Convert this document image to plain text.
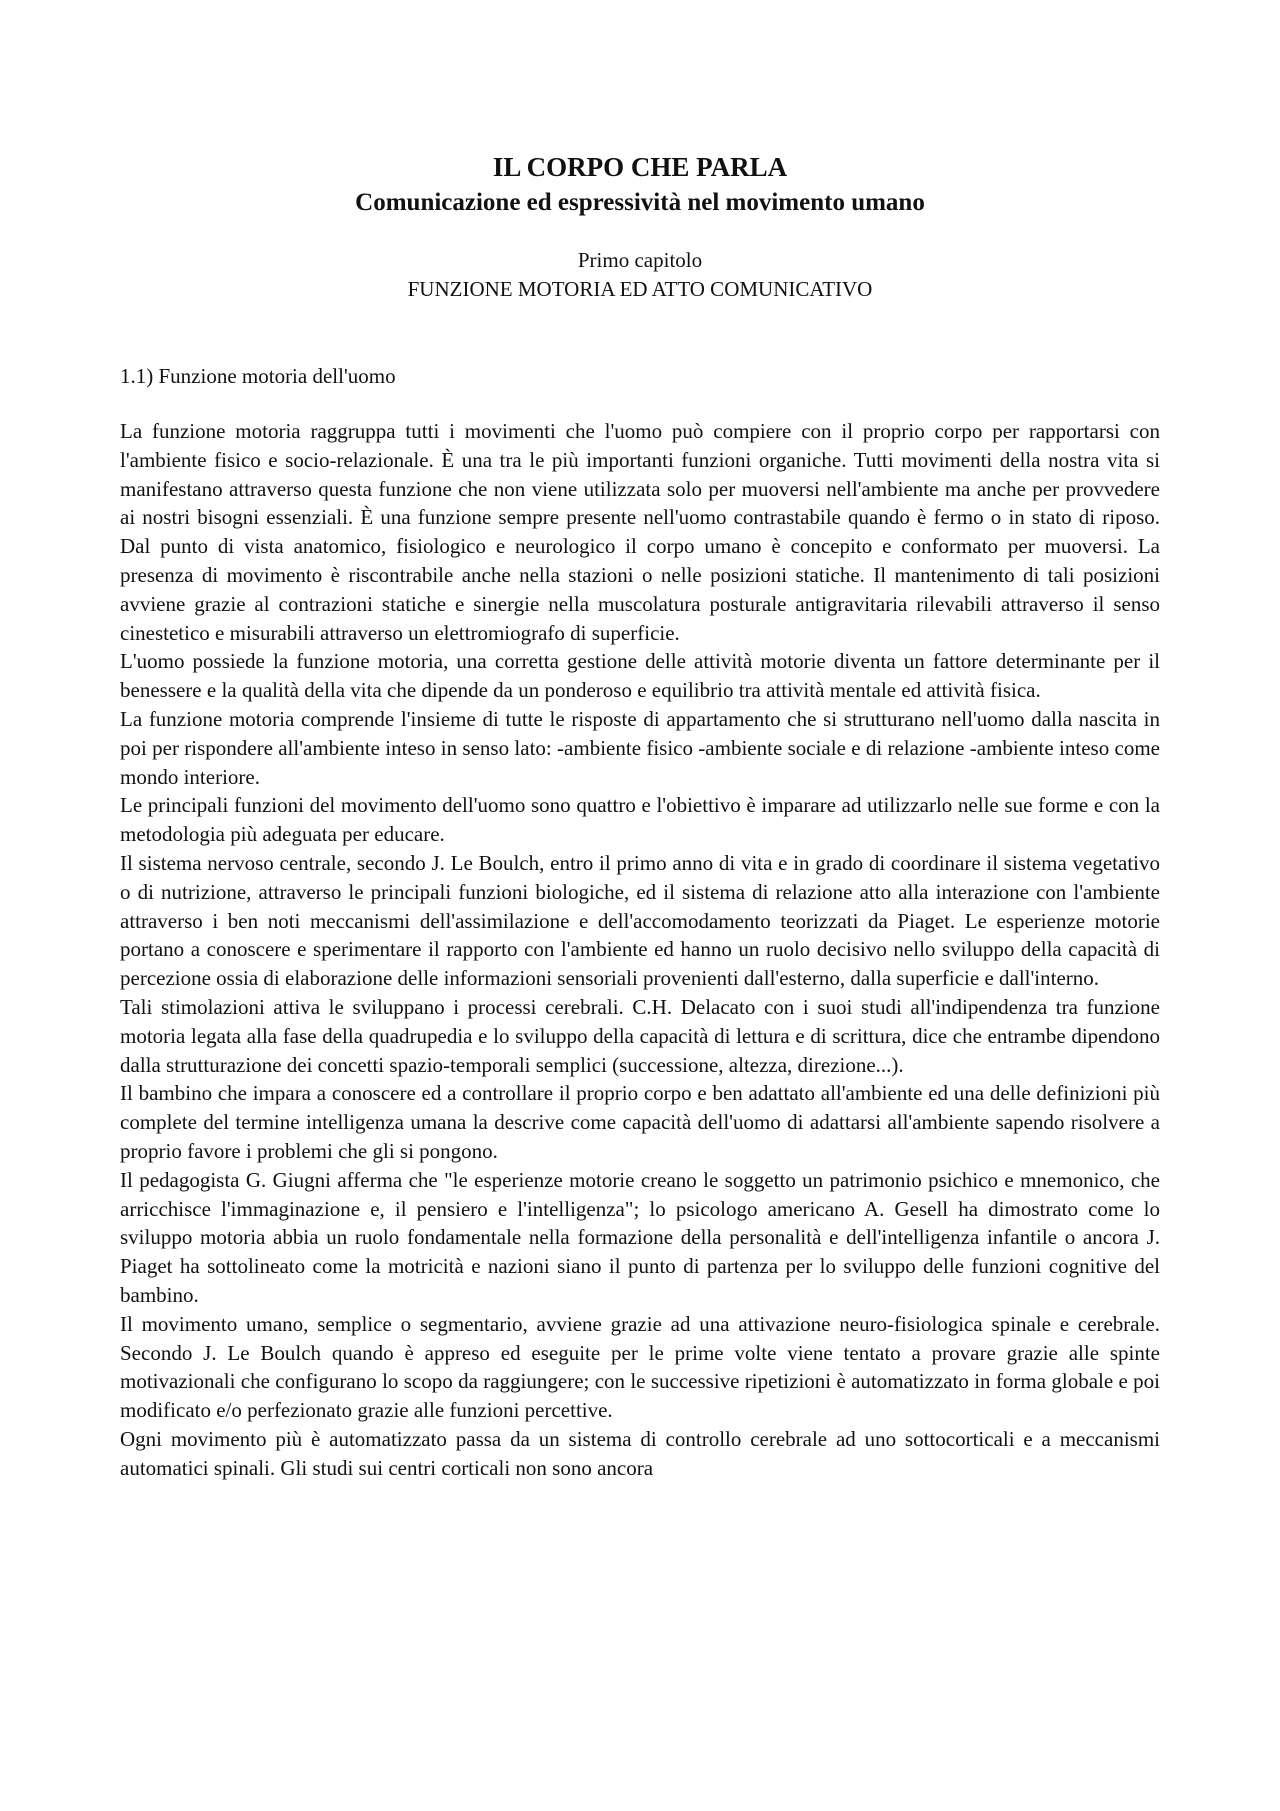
IL CORPO CHE PARLA
Comunicazione ed espressività nel movimento umano
Primo capitolo
FUNZIONE MOTORIA ED ATTO COMUNICATIVO
1.1) Funzione motoria dell'uomo

La funzione motoria raggruppa tutti i movimenti che l'uomo può compiere con il proprio corpo per rapportarsi con l'ambiente fisico e socio-relazionale. È una tra le più importanti funzioni organiche. Tutti movimenti della nostra vita si manifestano attraverso questa funzione che non viene utilizzata solo per muoversi nell'ambiente ma anche per provvedere ai nostri bisogni essenziali. È una funzione sempre presente nell'uomo contrastabile quando è fermo o in stato di riposo. Dal punto di vista anatomico, fisiologico e neurologico il corpo umano è concepito e conformato per muoversi. La presenza di movimento è riscontrabile anche nella stazioni o nelle posizioni statiche. Il mantenimento di tali posizioni avviene grazie al contrazioni statiche e sinergie nella muscolatura posturale antigravitaria rilevabili attraverso il senso cinestetico e misurabili attraverso un elettromiografo di superficie.

L'uomo possiede la funzione motoria, una corretta gestione delle attività motorie diventa un fattore determinante per il benessere e la qualità della vita che dipende da un ponderoso e equilibrio tra attività mentale ed attività fisica.

La funzione motoria comprende l'insieme di tutte le risposte di appartamento che si strutturano nell'uomo dalla nascita in poi per rispondere all'ambiente inteso in senso lato: -ambiente fisico -ambiente sociale e di relazione -ambiente inteso come mondo interiore.

Le principali funzioni del movimento dell'uomo sono quattro e l'obiettivo è imparare ad utilizzarlo nelle sue forme e con la metodologia più adeguata per educare.

Il sistema nervoso centrale, secondo J. Le Boulch, entro il primo anno di vita e in grado di coordinare il sistema vegetativo o di nutrizione, attraverso le principali funzioni biologiche, ed il sistema di relazione atto alla interazione con l'ambiente attraverso i ben noti meccanismi dell'assimilazione e dell'accomodamento teorizzati da Piaget. Le esperienze motorie portano a conoscere e sperimentare il rapporto con l'ambiente ed hanno un ruolo decisivo nello sviluppo della capacità di percezione ossia di elaborazione delle informazioni sensoriali provenienti dall'esterno, dalla superficie e dall'interno.

Tali stimolazioni attiva le sviluppano i processi cerebrali. C.H. Delacato con i suoi studi all'indipendenza tra funzione motoria legata alla fase della quadrupedia e lo sviluppo della capacità di lettura e di scrittura, dice che entrambe dipendono dalla strutturazione dei concetti spazio-temporali semplici (successione, altezza, direzione...).

Il bambino che impara a conoscere ed a controllare il proprio corpo e ben adattato all'ambiente ed una delle definizioni più complete del termine intelligenza umana la descrive come capacità dell'uomo di adattarsi all'ambiente sapendo risolvere a proprio favore i problemi che gli si pongono.

Il pedagogista G. Giugni afferma che "le esperienze motorie creano le soggetto un patrimonio psichico e mnemonico, che arricchisce l'immaginazione e, il pensiero e l'intelligenza"; lo psicologo americano A. Gesell ha dimostrato come lo sviluppo motoria abbia un ruolo fondamentale nella formazione della personalità e dell'intelligenza infantile o ancora J. Piaget ha sottolineato come la motricità e nazioni siano il punto di partenza per lo sviluppo delle funzioni cognitive del bambino.

Il movimento umano, semplice o segmentario, avviene grazie ad una attivazione neuro-fisiologica spinale e cerebrale. Secondo J. Le Boulch quando è appreso ed eseguite per le prime volte viene tentato a provare grazie alle spinte motivazionali che configurano lo scopo da raggiungere; con le successive ripetizioni è automatizzato in forma globale e poi modificato e/o perfezionato grazie alle funzioni percettive.

Ogni movimento più è automatizzato passa da un sistema di controllo cerebrale ad uno sottocorticali e a meccanismi automatici spinali. Gli studi sui centri corticali non sono ancora
